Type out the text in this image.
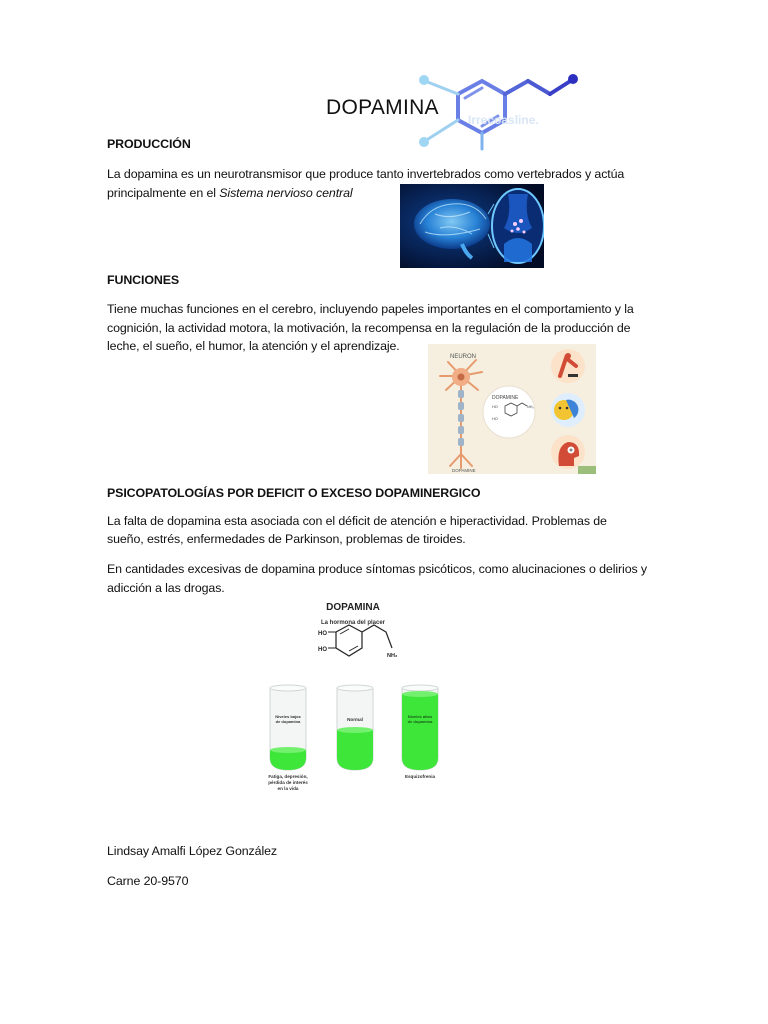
Irrecoasline.
DOPAMINA
PRODUCCIÓN
La dopamina es un neurotransmisor que produce tanto invertebrados como vertebrados y actúa
principalmente en el Sistema nervioso central
FUNCIONES
Tiene muchas funciones en el cerebro, incluyendo papeles importantes en el comportamiento y la
cognición, la actividad motora, la motivación, la recompensa en la regulación de la producción de
leche, el sueño, el humor, la atención y el aprendizaje.
NEURON
DOPAMINE
DOPAMINE
HO
HO
NH₂
PSICOPATOLOGÍAS POR DEFICIT O EXCESO DOPAMINERGICO
La falta de dopamina esta asociada con el déficit de atención e hiperactividad. Problemas de
sueño, estrés, enfermedades de Parkinson, problemas de tiroides.
En cantidades excesivas de dopamina produce síntomas psicóticos, como alucinaciones o delirios y
adicción a las drogas.
DOPAMINA
La hormona del placer
HO
HO
NH₂
Niveles bajos
de dopamina	Normal
Niveles altos
de dopamina
Fatiga, depresión,
pérdida de interés
en la vida
Esquizofrenia
Lindsay Amalfi López González
Carne 20-9570
